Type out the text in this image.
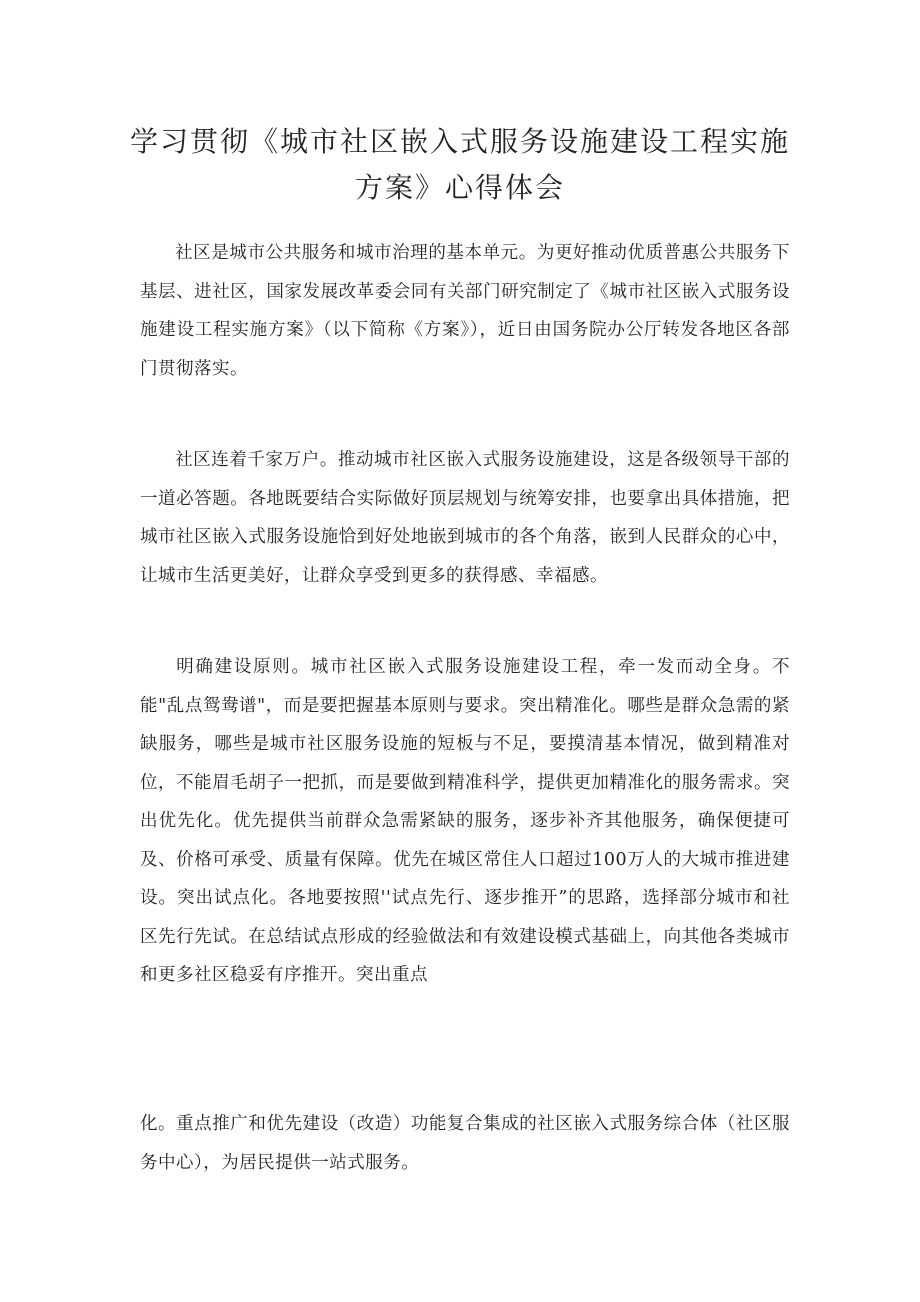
学习贯彻《城市社区嵌入式服务设施建设工程实施
方案》心得体会
社区是城市公共服务和城市治理的基本单元。为更好推动优质普惠公共服务下基层、进社区，国家发展改革委会同有关部门研究制定了《城市社区嵌入式服务设施建设工程实施方案》（以下简称《方案》），近日由国务院办公厅转发各地区各部门贯彻落实。
社区连着千家万户。推动城市社区嵌入式服务设施建设，这是各级领导干部的一道必答题。各地既要结合实际做好顶层规划与统筹安排，也要拿出具体措施，把城市社区嵌入式服务设施恰到好处地嵌到城市的各个角落，嵌到人民群众的心中，让城市生活更美好，让群众享受到更多的获得感、幸福感。
明确建设原则。城市社区嵌入式服务设施建设工程，牵一发而动全身。不能"乱点鸳鸯谱"，而是要把握基本原则与要求。突出精准化。哪些是群众急需的紧缺服务，哪些是城市社区服务设施的短板与不足，要摸清基本情况，做到精准对位，不能眉毛胡子一把抓，而是要做到精准科学，提供更加精准化的服务需求。突出优先化。优先提供当前群众急需紧缺的服务，逐步补齐其他服务，确保便捷可及、价格可承受、质量有保障。优先在城区常住人口超过100万人的大城市推进建设。突出试点化。各地要按照''试点先行、逐步推开”的思路，选择部分城市和社区先行先试。在总结试点形成的经验做法和有效建设模式基础上，向其他各类城市和更多社区稳妥有序推开。突出重点
化。重点推广和优先建设（改造）功能复合集成的社区嵌入式服务综合体（社区服务中心），为居民提供一站式服务。
